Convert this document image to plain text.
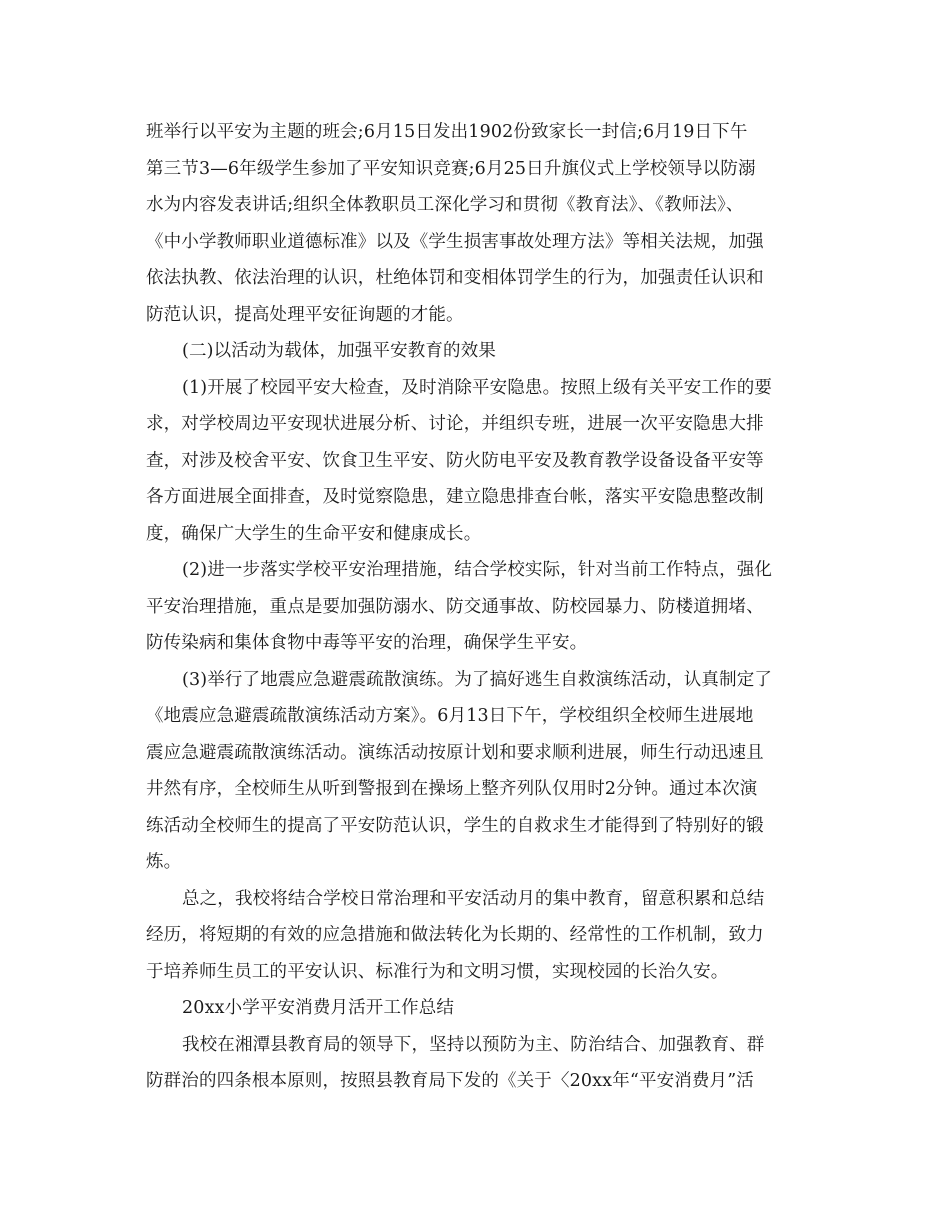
班举行以平安为主题的班会;6月15日发出1902份致家长一封信;6月19日下午
第三节3—6年级学生参加了平安知识竞赛;6月25日升旗仪式上学校领导以防溺
水为内容发表讲话;组织全体教职员工深化学习和贯彻《教育法》、《教师法》、
《中小学教师职业道德标准》以及《学生损害事故处理方法》等相关法规，加强
依法执教、依法治理的认识，杜绝体罚和变相体罚学生的行为，加强责任认识和
防范认识，提高处理平安征询题的才能。
(二)以活动为载体，加强平安教育的效果
(1)开展了校园平安大检查，及时消除平安隐患。按照上级有关平安工作的要
求，对学校周边平安现状进展分析、讨论，并组织专班，进展一次平安隐患大排
查，对涉及校舍平安、饮食卫生平安、防火防电平安及教育教学设备设备平安等
各方面进展全面排查，及时觉察隐患，建立隐患排查台帐，落实平安隐患整改制
度，确保广大学生的生命平安和健康成长。
(2)进一步落实学校平安治理措施，结合学校实际，针对当前工作特点，强化
平安治理措施，重点是要加强防溺水、防交通事故、防校园暴力、防楼道拥堵、
防传染病和集体食物中毒等平安的治理，确保学生平安。
(3)举行了地震应急避震疏散演练。为了搞好逃生自救演练活动，认真制定了
《地震应急避震疏散演练活动方案》。6月13日下午，学校组织全校师生进展地
震应急避震疏散演练活动。演练活动按原计划和要求顺利进展，师生行动迅速且
井然有序，全校师生从听到警报到在操场上整齐列队仅用时2分钟。通过本次演
练活动全校师生的提高了平安防范认识，学生的自救求生才能得到了特别好的锻
炼。
总之，我校将结合学校日常治理和平安活动月的集中教育，留意积累和总结
经历，将短期的有效的应急措施和做法转化为长期的、经常性的工作机制，致力
于培养师生员工的平安认识、标准行为和文明习惯，实现校园的长治久安。
20xx小学平安消费月活开工作总结
我校在湘潭县教育局的领导下，坚持以预防为主、防治结合、加强教育、群
防群治的四条根本原则，按照县教育局下发的《关于〈20xx年“平安消费月”活
